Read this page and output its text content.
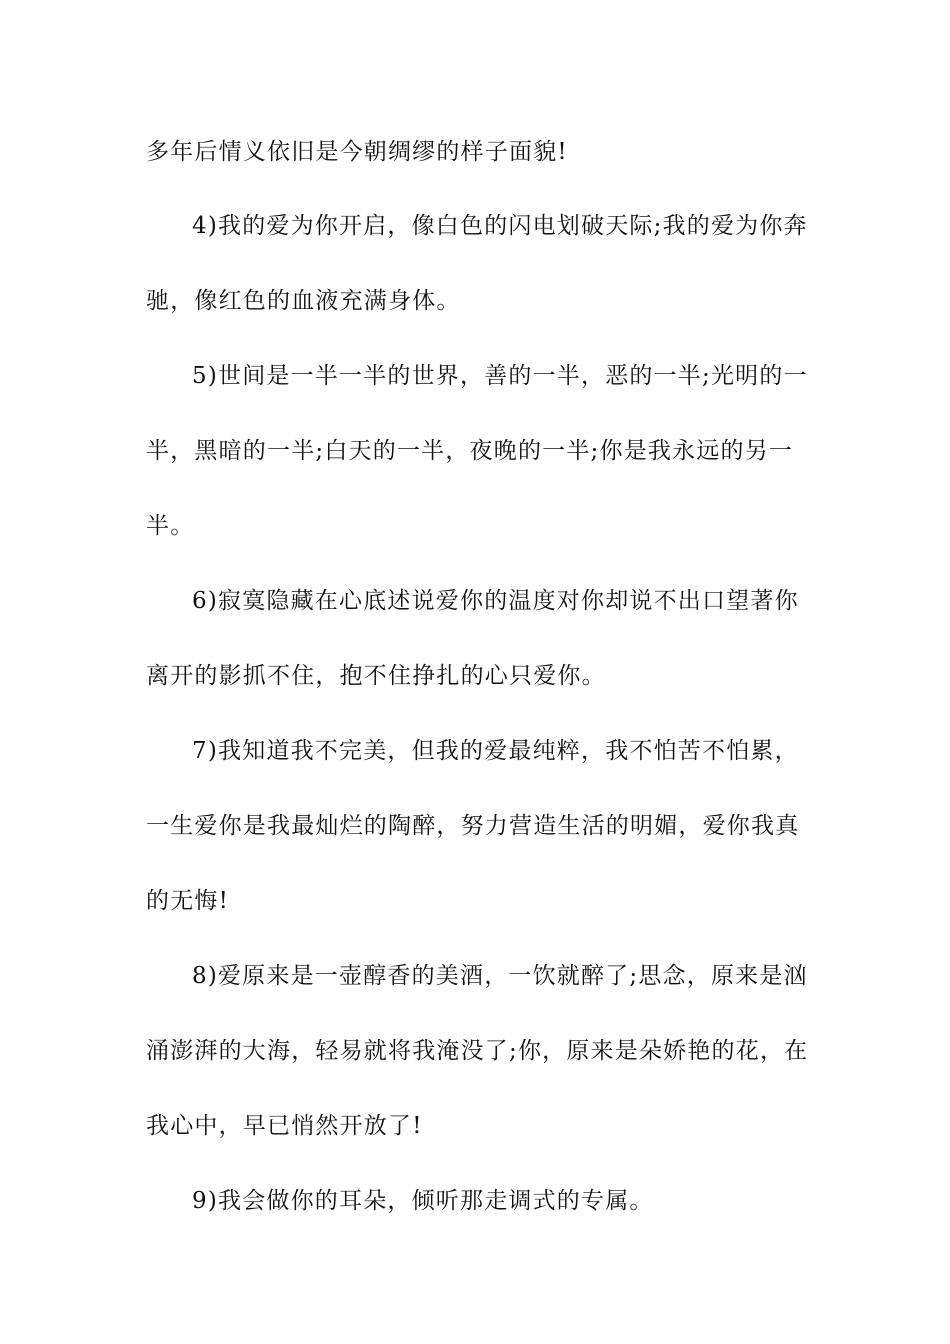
多年后情义依旧是今朝绸缪的样子面貌!
4)我的爱为你开启，像白色的闪电划破天际;我的爱为你奔
驰，像红色的血液充满身体。
5)世间是一半一半的世界，善的一半，恶的一半;光明的一
半，黑暗的一半;白天的一半，夜晚的一半;你是我永远的另一
半。
6)寂寞隐藏在心底述说爱你的温度对你却说不出口望著你
离开的影抓不住，抱不住挣扎的心只爱你。
7)我知道我不完美，但我的爱最纯粹，我不怕苦不怕累，
一生爱你是我最灿烂的陶醉，努力营造生活的明媚，爱你我真
的无悔!
8)爱原来是一壶醇香的美酒，一饮就醉了;思念，原来是汹
涌澎湃的大海，轻易就将我淹没了;你，原来是朵娇艳的花，在
我心中，早已悄然开放了!
9)我会做你的耳朵，倾听那走调式的专属。
